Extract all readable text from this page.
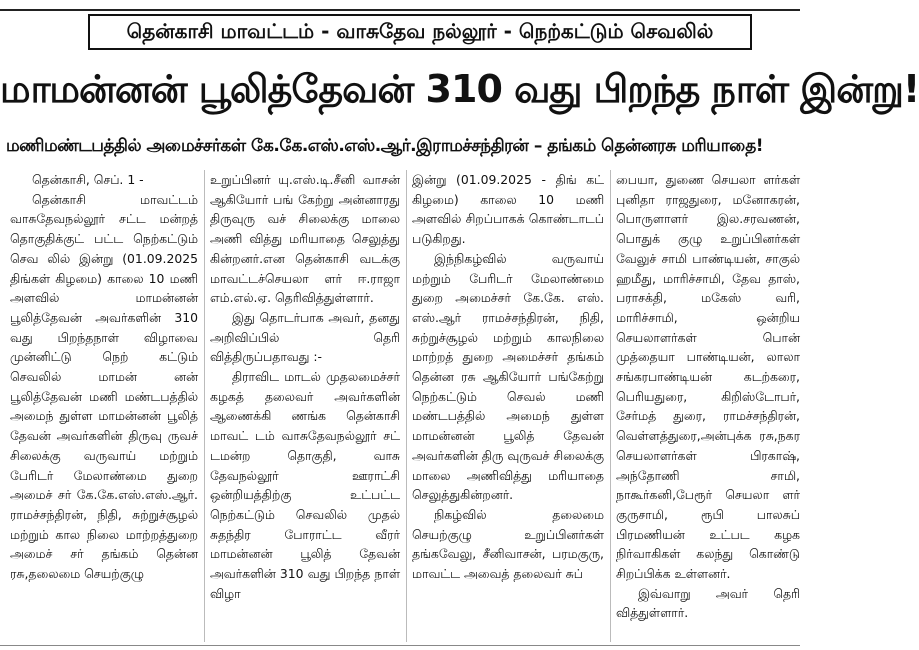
தென்காசி மாவட்டம் - வாசுதேவ நல்லூர் - நெற்கட்டும் செவலில்
மாமன்னன் பூலித்தேவன் 310 வது பிறந்த நாள் இன்று!
மணிமண்டபத்தில் அமைச்சர்கள் கே.கே.எஸ்.எஸ்.ஆர்.இராமச்சந்திரன் – தங்கம் தென்னரசு மரியாதை!

தென்காசி, செப். 1 -

தென்காசி மாவட்டம் வாசுதேவநல்லூர் சட்ட மன்றத் தொகுதிக்குட் பட்ட நெற்கட்டும் செவ லில் இன்று (01.09.2025 திங்கள் கிழமை) காலை 10 மணி அளவில் மாமன்னன் பூலித்தேவன் அவர்களின் 310 வது பிறந்தநாள் விழாவை முன்னிட்டு நெற் கட்டும் செவலில் மாமன் னன் பூலித்தேவன் மணி மண்டபத்தில் அமைந் துள்ள மாமன்னன் பூலித் தேவன் அவர்களின் திருவு ருவச் சிலைக்கு வருவாய் மற்றும் பேரிடர் மேலாண்மை துறை அமைச் சர் கே.கே.எஸ்.எஸ்.ஆர். ராமச்சந்திரன், நிதி, சுற்றுச்சூழல் மற்றும் கால நிலை மாற்றத்துறை அமைச் சர் தங்கம் தென்ன ரசு,தலைமை செயற்குழு

உறுப்பினர் யு.எஸ்.டி.சீனி வாசன் ஆகியோர் பங் கேற்று அன்னாரது திருவுரு வச் சிலைக்கு மாலை அணி வித்து மரியாதை செலுத்து கின்றனர்.என தென்காசி வடக்கு மாவட்டச்செயலா ளர் ஈ.ராஜா எம்.எல்.ஏ. தெரிவித்துள்ளார்.

இது தொடர்பாக அவர், தனது அறிவிப்பில் தெரி வித்திருப்பதாவது :-

திராவிட மாடல் முதலமைச்சர் கழகத் தலைவர் அவர்களின் ஆணைக்கி ணங்க தென்காசி மாவட் டம் வாசுதேவநல்லூர் சட் டமன்ற தொகுதி, வாசு தேவநல்லூர் ஊராட்சி ஒன்றியத்திற்கு உட்பட்ட நெற்கட்டும் செவலில் முதல் சுதந்திர போராட்ட வீரர் மாமன்னன் பூலித் தேவன் அவர்களின் 310 வது பிறந்த நாள் விழா

இன்று (01.09.2025 - திங் கட் கிழமை) காலை 10 மணி அளவில் சிறப்பாகக் கொண்டாடப் படுகிறது.

இந்நிகழ்வில் வருவாய் மற்றும் பேரிடர் மேலாண்மை துறை அமைச்சர் கே.கே. எஸ். எஸ்.ஆர் ராமச்சந்திரன், நிதி, சுற்றுச்சூழல் மற்றும் காலநிலை மாற்றத் துறை அமைச்சர் தங்கம் தென்ன ரசு ஆகியோர் பங்கேற்று நெற்கட்டும் செவல் மணி மண்டபத்தில் அமைந் துள்ள மாமன்னன் பூலித் தேவன் அவர்களின் திரு வுருவச் சிலைக்கு மாலை அணிவித்து மரியாதை செலுத்துகின்றனர்.

நிகழ்வில் தலைமை செயற்குழு உறுப்பினர்கள் தங்கவேலு, சீனிவாசன், பரமகுரு, மாவட்ட அவைத் தலைவர் சுப்

பையா, துணை செயலா ளர்கள் புனிதா ராஜதுரை, மனோகரன், பொருளாளர் இல.சரவணன், பொதுக் குழு உறுப்பினர்கள் வேலுச் சாமி பாண்டியன், சாகுல் ஹமீது, மாரிச்சாமி, தேவ தாஸ், பராசக்தி, மகேஸ் வரி, மாரிச்சாமி, ஒன்றிய செயலாளர்கள் பொன் முத்தையா பாண்டியன், லாலா சங்கரபாண்டியன் கடற்கரை, பெரியதுரை, கிறிஸ்டோபர், சேர்மத் துரை, ராமச்சந்திரன், வெள்ளத்துரை,அன்புக்க ரசு,நகர செயலாளர்கள் பிரகாஷ், அந்தோணி சாமி, நாகூர்கனி,பேரூர் செயலா ளர் குருசாமி, ரூபி பாலசுப் பிரமணியன் உட்பட கழக நிர்வாகிகள் கலந்து கொண்டு சிறப்பிக்க உள்ளனர்.

இவ்வாறு அவர் தெரி வித்துள்ளார்.
